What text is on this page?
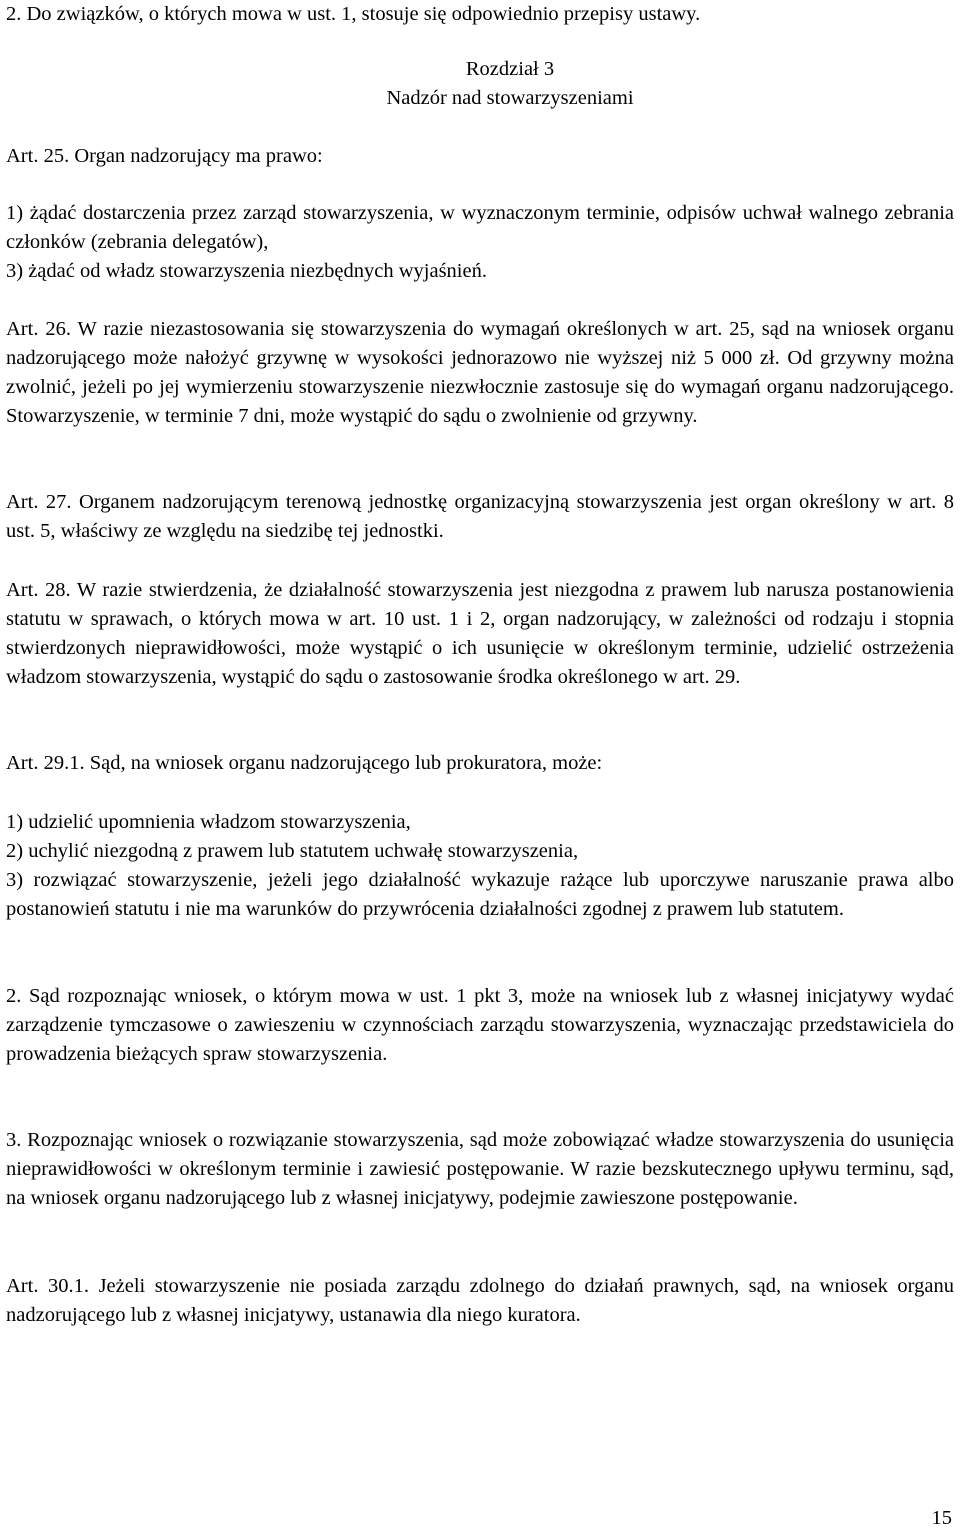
2. Do związków, o których mowa w ust. 1, stosuje się odpowiednio przepisy ustawy.

Rozdział 3

Nadzór nad stowarzyszeniami

Art. 25. Organ nadzorujący ma prawo:

1) żądać dostarczenia przez zarząd stowarzyszenia, w wyznaczonym terminie, odpisów uchwał walnego zebrania członków (zebrania delegatów),

3) żądać od władz stowarzyszenia niezbędnych wyjaśnień.

Art. 26. W razie niezastosowania się stowarzyszenia do wymagań określonych w art. 25, sąd na wniosek organu nadzorującego może nałożyć grzywnę w wysokości jednorazowo nie wyższej niż 5 000 zł. Od grzywny można zwolnić, jeżeli po jej wymierzeniu stowarzyszenie niezwłocznie zastosuje się do wymagań organu nadzorującego. Stowarzyszenie, w terminie 7 dni, może wystąpić do sądu o zwolnienie od grzywny.

Art. 27. Organem nadzorującym terenową jednostkę organizacyjną stowarzyszenia jest organ określony w art. 8 ust. 5, właściwy ze względu na siedzibę tej jednostki.

Art. 28. W razie stwierdzenia, że działalność stowarzyszenia jest niezgodna z prawem lub narusza postanowienia statutu w sprawach, o których mowa w art. 10 ust. 1 i 2, organ nadzorujący, w zależności od rodzaju i stopnia stwierdzonych nieprawidłowości, może wystąpić o ich usunięcie w określonym terminie, udzielić ostrzeżenia władzom stowarzyszenia, wystąpić do sądu o zastosowanie środka określonego w art. 29.

Art. 29.1. Sąd, na wniosek organu nadzorującego lub prokuratora, może:

1) udzielić upomnienia władzom stowarzyszenia,

2) uchylić niezgodną z prawem lub statutem uchwałę stowarzyszenia,

3) rozwiązać stowarzyszenie, jeżeli jego działalność wykazuje rażące lub uporczywe naruszanie prawa albo postanowień statutu i nie ma warunków do przywrócenia działalności zgodnej z prawem lub statutem.

2. Sąd rozpoznając wniosek, o którym mowa w ust. 1 pkt 3, może na wniosek lub z własnej inicjatywy wydać zarządzenie tymczasowe o zawieszeniu w czynnościach zarządu stowarzyszenia, wyznaczając przedstawiciela do prowadzenia bieżących spraw stowarzyszenia.

3. Rozpoznając wniosek o rozwiązanie stowarzyszenia, sąd może zobowiązać władze stowarzyszenia do usunięcia nieprawidłowości w określonym terminie i zawiesić postępowanie. W razie bezskutecznego upływu terminu, sąd, na wniosek organu nadzorującego lub z własnej inicjatywy, podejmie zawieszone postępowanie.

Art. 30.1. Jeżeli stowarzyszenie nie posiada zarządu zdolnego do działań prawnych, sąd, na wniosek organu nadzorującego lub z własnej inicjatywy, ustanawia dla niego kuratora.

15
